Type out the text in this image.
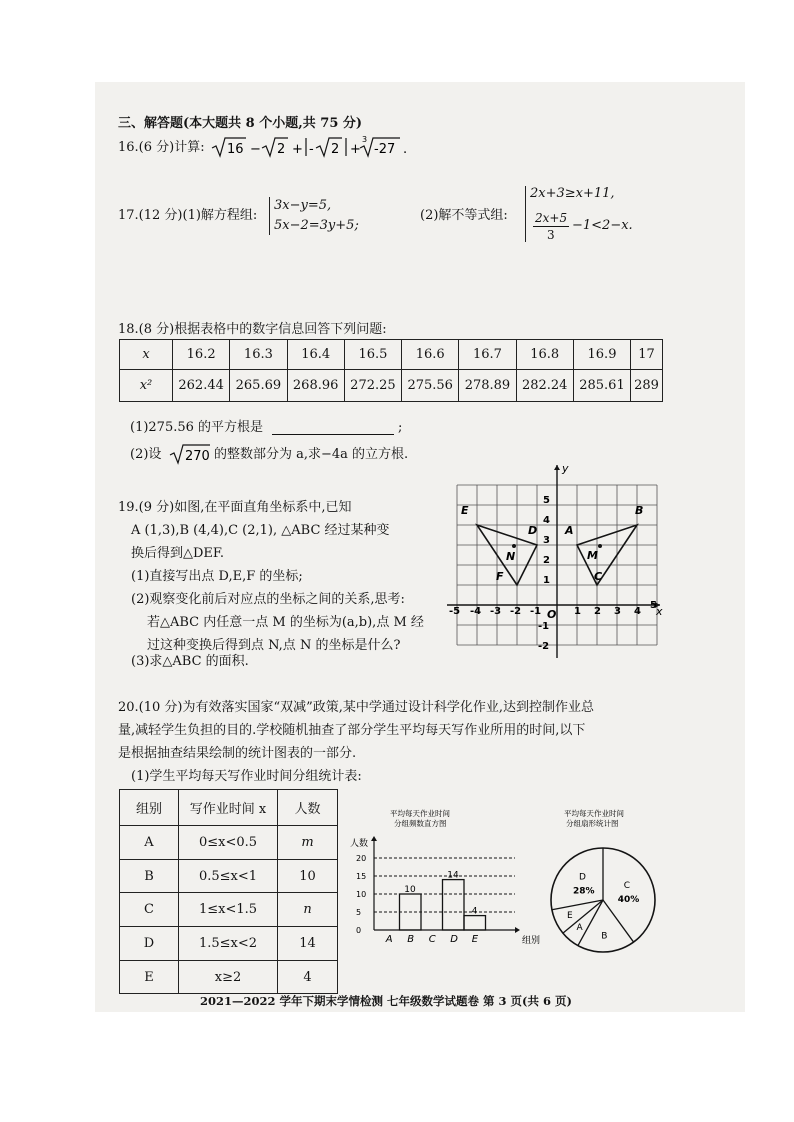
三、解答题(本大题共 8 个小题,共 75 分)
16.(6 分)计算: 16 − 2 + - 2 +
3
-27 .
17.(12 分)(1)解方程组:
3x−y=5,
5x−2=3y+5;
(2)解不等式组:
2x+3≥x+11,
2x+5
3
−1<2−x.
18.(8 分)根据表格中的数字信息回答下列问题:
x	16.2	16.3	16.4	16.5	16.6	16.7	16.8	16.9	17
x²	262.44	265.69	268.96	272.25	275.56	278.89	282.24	285.61	289
(1)275.56 的平方根是	;
(2)设 270 的整数部分为 a,求−4a 的立方根.
19.(9 分)如图,在平面直角坐标系中,已知
A (1,3),B (4,4),C (2,1), △ABC 经过某种变
换后得到△DEF.
(1)直接写出点 D,E,F 的坐标;
(2)观察变化前后对应点的坐标之间的关系,思考:
若△ABC 内任意一点 M 的坐标为(a,b),点 M 经
过这种变换后得到点 N,点 N 的坐标是什么?
(3)求△ABC 的面积.
y
x
O
-5 -4 -3 -2 -1	1 2 3 4
5
5
4
3
2
1
-1
-2
A
B
C
D
E
F
M
N
20.(10 分)为有效落实国家“双减”政策,某中学通过设计科学化作业,达到控制作业总
量,减轻学生负担的目的.学校随机抽查了部分学生平均每天写作业所用的时间,以下
是根据抽查结果绘制的统计图表的一部分.
(1)学生平均每天写作业时间分组统计表:
组别	写作业时间 x	人数
A	0≤x<0.5	m
B	0.5≤x<1	10
C	1≤x<1.5	n
D	1.5≤x<2	14
E	x≥2	4
平均每天作业时间
分组频数直方图
人数
组别
20
15
10
5
0
10
14
4
A B C D E
平均每天作业时间
分组扇形统计图
C
40%
B
A
E
D
28%
2021—2022 学年下期末学情检测 七年级数学试题卷 第 3 页(共 6 页)
